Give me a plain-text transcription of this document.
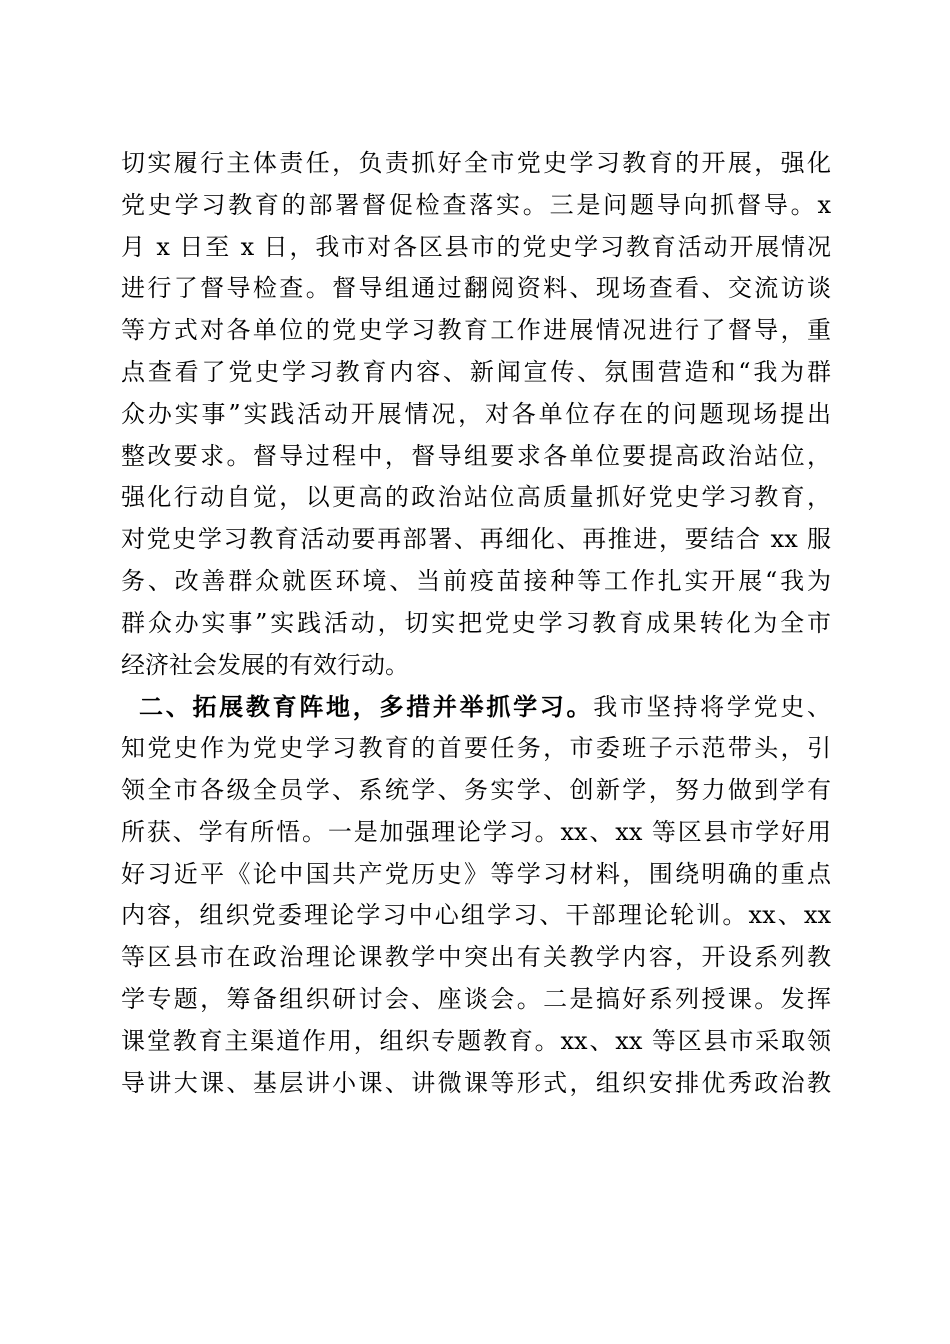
切实履行主体责任，负责抓好全市党史学习教育的开展，强化
党史学习教育的部署督促检查落实。三是问题导向抓督导。x
月 x 日至 x 日，我市对各区县市的党史学习教育活动开展情况
进行了督导检查。督导组通过翻阅资料、现场查看、交流访谈
等方式对各单位的党史学习教育工作进展情况进行了督导，重
点查看了党史学习教育内容、新闻宣传、氛围营造和“我为群
众办实事”实践活动开展情况，对各单位存在的问题现场提出
整改要求。督导过程中，督导组要求各单位要提高政治站位，
强化行动自觉，以更高的政治站位高质量抓好党史学习教育，
对党史学习教育活动要再部署、再细化、再推进，要结合 xx 服
务、改善群众就医环境、当前疫苗接种等工作扎实开展“我为
群众办实事”实践活动，切实把党史学习教育成果转化为全市
经济社会发展的有效行动。
二、拓展教育阵地，多措并举抓学习。我市坚持将学党史、
知党史作为党史学习教育的首要任务，市委班子示范带头，引
领全市各级全员学、系统学、务实学、创新学，努力做到学有
所获、学有所悟。一是加强理论学习。xx、xx 等区县市学好用
好习近平《论中国共产党历史》等学习材料，围绕明确的重点
内容，组织党委理论学习中心组学习、干部理论轮训。xx、xx
等区县市在政治理论课教学中突出有关教学内容，开设系列教
学专题，筹备组织研讨会、座谈会。二是搞好系列授课。发挥
课堂教育主渠道作用，组织专题教育。xx、xx 等区县市采取领
导讲大课、基层讲小课、讲微课等形式，组织安排优秀政治教
